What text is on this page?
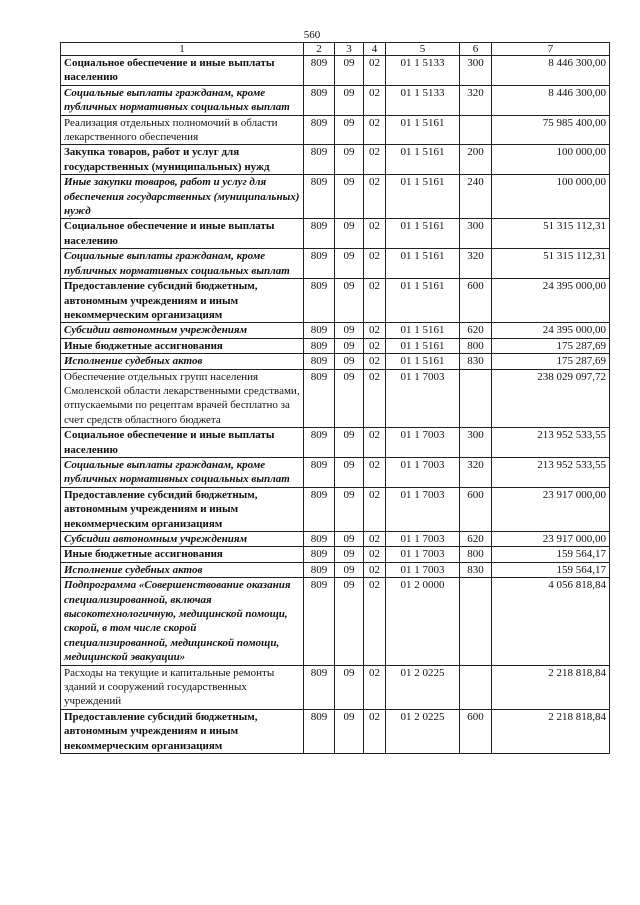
560
1	2	3	4	5	6	7
Социальное обеспечение и иные выплаты населению	809	09	02	01 1 5133	300	8 446 300,00
Социальные выплаты гражданам, кроме публичных нормативных социальных выплат	809	09	02	01 1 5133	320	8 446 300,00
Реализация отдельных полномочий в области лекарственного обеспечения	809	09	02	01 1 5161		75 985 400,00
Закупка товаров, работ и услуг для государственных (муниципальных) нужд	809	09	02	01 1 5161	200	100 000,00
Иные закупки товаров, работ и услуг для обеспечения государственных (муниципальных) нужд	809	09	02	01 1 5161	240	100 000,00
Социальное обеспечение и иные выплаты населению	809	09	02	01 1 5161	300	51 315 112,31
Социальные выплаты гражданам, кроме публичных нормативных социальных выплат	809	09	02	01 1 5161	320	51 315 112,31
Предоставление субсидий бюджетным, автономным учреждениям и иным некоммерческим организациям	809	09	02	01 1 5161	600	24 395 000,00
Субсидии автономным учреждениям	809	09	02	01 1 5161	620	24 395 000,00
Иные бюджетные ассигнования	809	09	02	01 1 5161	800	175 287,69
Исполнение судебных актов	809	09	02	01 1 5161	830	175 287,69
Обеспечение отдельных групп населения Смоленской области лекарственными средствами, отпускаемыми по рецептам врачей бесплатно за счет средств областного бюджета	809	09	02	01 1 7003		238 029 097,72
Социальное обеспечение и иные выплаты населению	809	09	02	01 1 7003	300	213 952 533,55
Социальные выплаты гражданам, кроме публичных нормативных социальных выплат	809	09	02	01 1 7003	320	213 952 533,55
Предоставление субсидий бюджетным, автономным учреждениям и иным некоммерческим организациям	809	09	02	01 1 7003	600	23 917 000,00
Субсидии автономным учреждениям	809	09	02	01 1 7003	620	23 917 000,00
Иные бюджетные ассигнования	809	09	02	01 1 7003	800	159 564,17
Исполнение судебных актов	809	09	02	01 1 7003	830	159 564,17
Подпрограмма «Совершенствование оказания специализированной, включая высокотехнологичную, медицинской помощи, скорой, в том числе скорой специализированной, медицинской помощи, медицинской эвакуации»	809	09	02	01 2 0000		4 056 818,84
Расходы на текущие и капитальные ремонты зданий и сооружений государственных учреждений	809	09	02	01 2 0225		2 218 818,84
Предоставление субсидий бюджетным, автономным учреждениям и иным некоммерческим организациям	809	09	02	01 2 0225	600	2 218 818,84
